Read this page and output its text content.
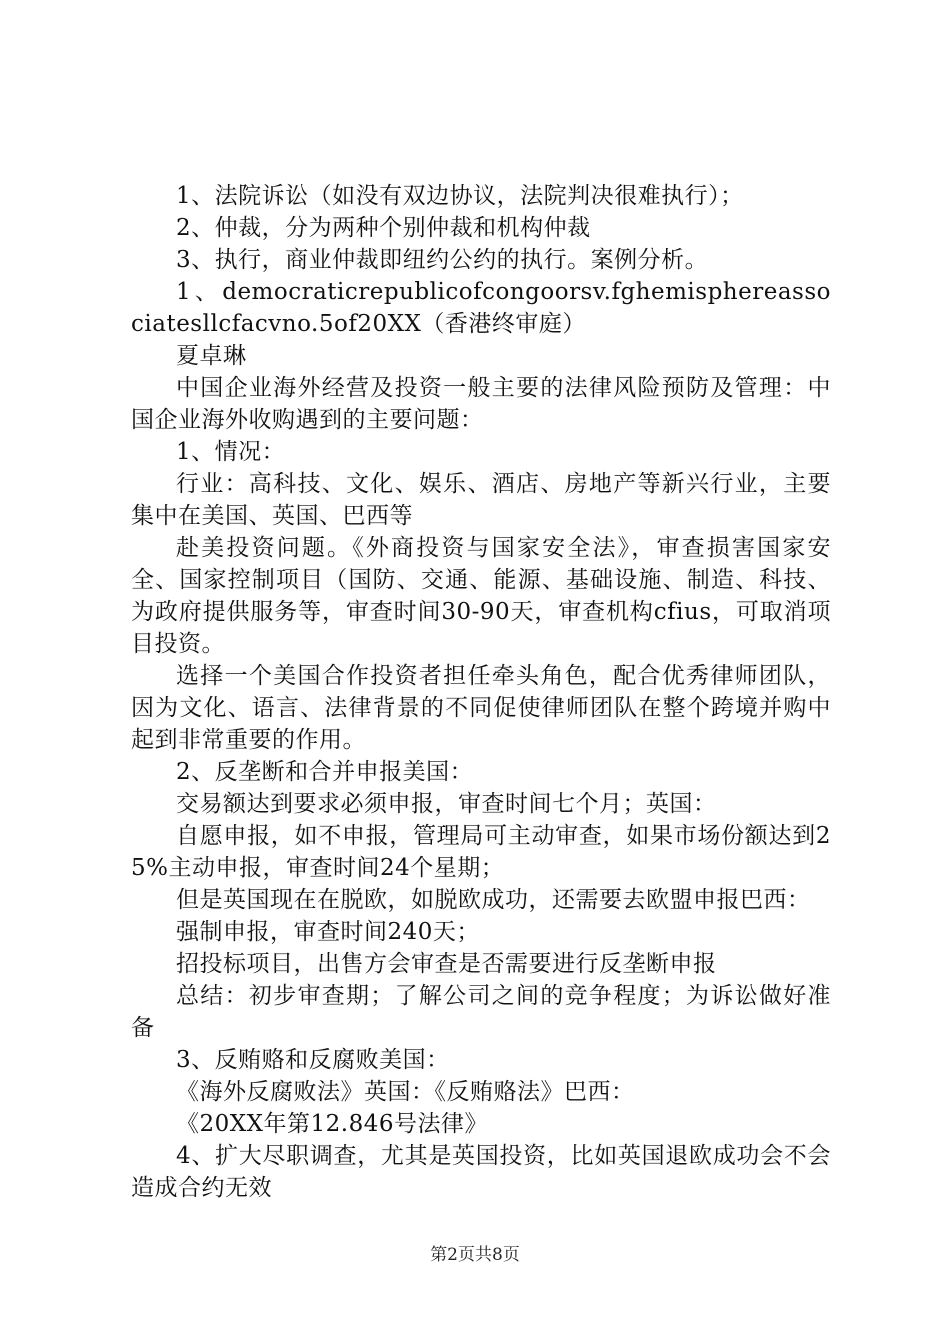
1、法院诉讼（如没有双边协议，法院判决很难执行）；

2、仲裁，分为两种个别仲裁和机构仲裁

3、执行，商业仲裁即纽约公约的执行。案例分析。

1、democraticrepublicofcongoorsv.fghemisphereassociatesllcfacvno.5of20XX（香港终审庭）

夏卓琳

中国企业海外经营及投资一般主要的法律风险预防及管理：中国企业海外收购遇到的主要问题：

1、情况：

行业：高科技、文化、娱乐、酒店、房地产等新兴行业，主要集中在美国、英国、巴西等

赴美投资问题。《外商投资与国家安全法》，审查损害国家安全、国家控制项目（国防、交通、能源、基础设施、制造、科技、为政府提供服务等，审查时间30-90天，审查机构cfius，可取消项目投资。

选择一个美国合作投资者担任牵头角色，配合优秀律师团队，因为文化、语言、法律背景的不同促使律师团队在整个跨境并购中起到非常重要的作用。

2、反垄断和合并申报美国：

交易额达到要求必须申报，审查时间七个月；英国：

自愿申报，如不申报，管理局可主动审查，如果市场份额达到25%主动申报，审查时间24个星期；

但是英国现在在脱欧，如脱欧成功，还需要去欧盟申报巴西：

强制申报，审查时间240天；

招投标项目，出售方会审查是否需要进行反垄断申报

总结：初步审查期；了解公司之间的竞争程度；为诉讼做好准备

3、反贿赂和反腐败美国：

《海外反腐败法》英国：《反贿赂法》巴西：

《20XX年第12.846号法律》

4、扩大尽职调查，尤其是英国投资，比如英国退欧成功会不会造成合约无效

第2页共8页
